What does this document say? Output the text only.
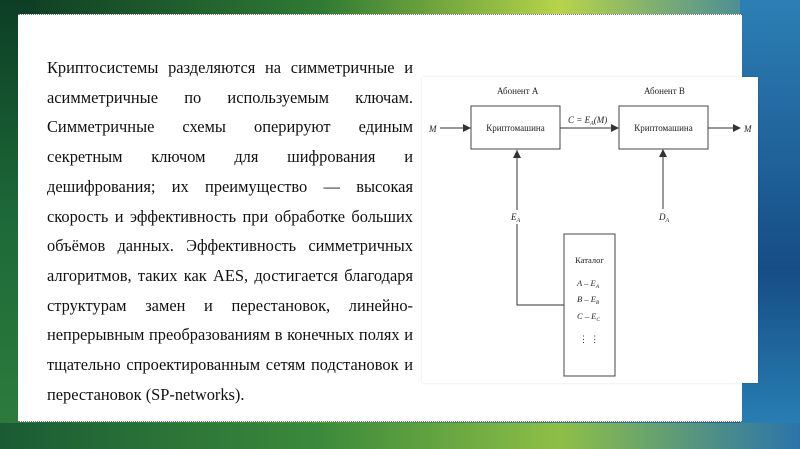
Криптосистемы разделяются на симметричные и асимметричные по используемым ключам. Симметричные схемы оперируют единым секретным ключом для шифрования и дешифрования; их преимущество — высокая скорость и эффективность при обработке больших объёмов данных. Эффективность симметричных алгоритмов, таких как AES, достигается благодаря структурам замен и перестановок, линейно-непрерывным преобразованиям в конечных полях и тщательно спроектированным сетям подстановок и перестановок (SP-networks).

Абонент A	Абонент B
Криптомашина	Криптомашина
M
$C = E_A(M)$
M
$D_A$
$E_A$
Каталог
A – $E_A$
B – $E_B$
C – $E_C$
⋮ ⋮
